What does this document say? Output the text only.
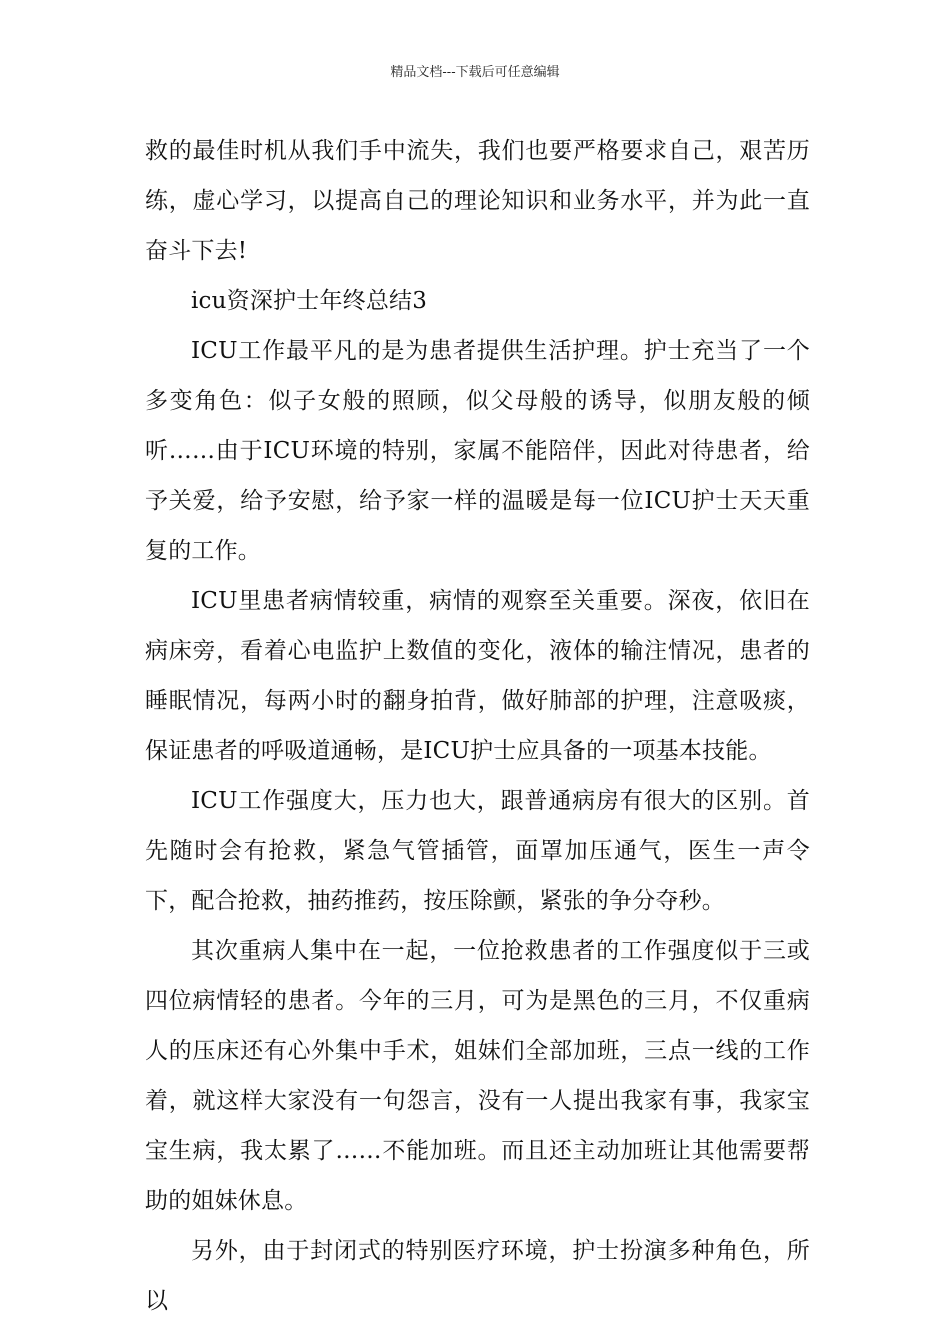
精品文档---下载后可任意编辑

救的最佳时机从我们手中流失，我们也要严格要求自己，艰苦历练，虚心学习，以提高自己的理论知识和业务水平，并为此一直奋斗下去!

icu资深护士年终总结3

ICU工作最平凡的是为患者提供生活护理。护士充当了一个多变角色：似子女般的照顾，似父母般的诱导，似朋友般的倾听……由于ICU环境的特别，家属不能陪伴，因此对待患者，给予关爱，给予安慰，给予家一样的温暖是每一位ICU护士天天重复的工作。

ICU里患者病情较重，病情的观察至关重要。深夜，依旧在病床旁，看着心电监护上数值的变化，液体的输注情况，患者的睡眠情况，每两小时的翻身拍背，做好肺部的护理，注意吸痰，保证患者的呼吸道通畅，是ICU护士应具备的一项基本技能。

ICU工作强度大，压力也大，跟普通病房有很大的区别。首先随时会有抢救，紧急气管插管，面罩加压通气，医生一声令下，配合抢救，抽药推药，按压除颤，紧张的争分夺秒。

其次重病人集中在一起，一位抢救患者的工作强度似于三或四位病情轻的患者。今年的三月，可为是黑色的三月，不仅重病人的压床还有心外集中手术，姐妹们全部加班，三点一线的工作着，就这样大家没有一句怨言，没有一人提出我家有事，我家宝宝生病，我太累了……不能加班。而且还主动加班让其他需要帮助的姐妹休息。

另外，由于封闭式的特别医疗环境，护士扮演多种角色，所以
